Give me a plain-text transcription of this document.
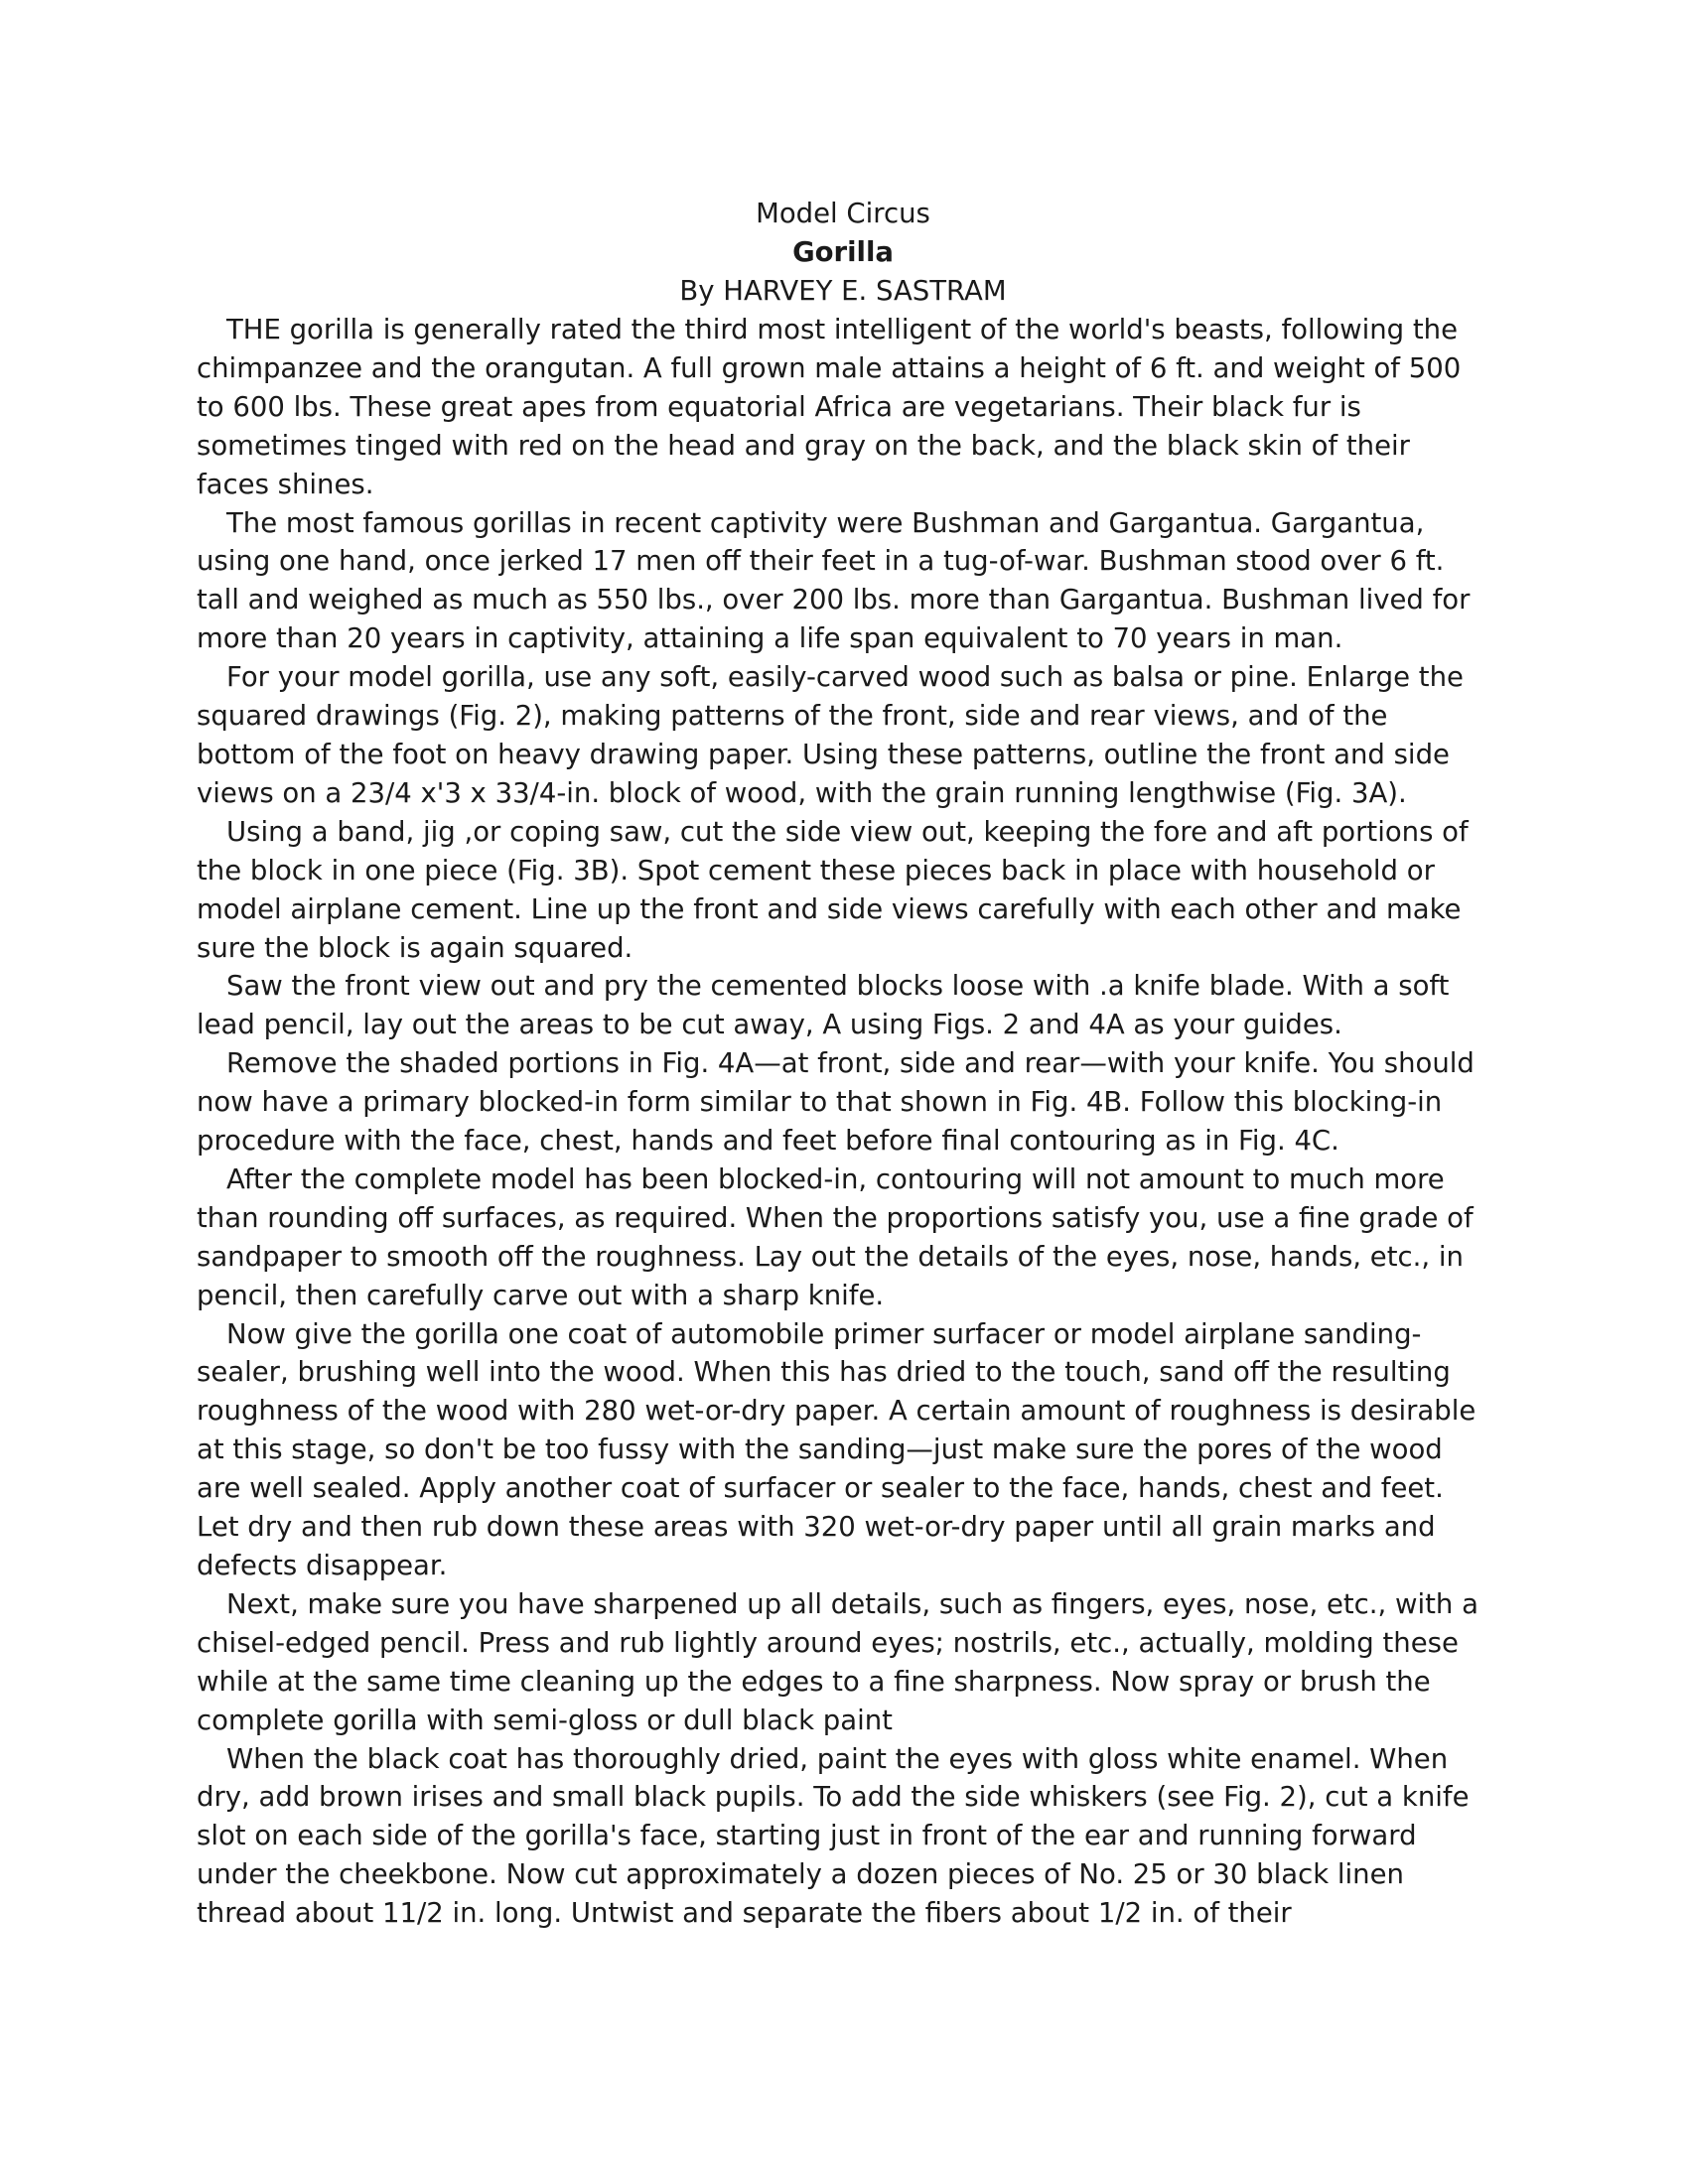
Model Circus

Gorilla

By HARVEY E. SASTRAM

THE gorilla is generally rated the third most intelligent of the world's beasts, following the chimpanzee and the orangutan. A full grown male attains a height of 6 ft. and weight of 500 to 600 lbs. These great apes from equatorial Africa are vegetarians. Their black fur is sometimes tinged with red on the head and gray on the back, and the black skin of their faces shines.

The most famous gorillas in recent captivity were Bushman and Gargantua. Gargantua, using one hand, once jerked 17 men off their feet in a tug-of-war. Bushman stood over 6 ft. tall and weighed as much as 550 lbs., over 200 lbs. more than Gargantua. Bushman lived for more than 20 years in captivity, attaining a life span equivalent to 70 years in man.

For your model gorilla, use any soft, easily-carved wood such as balsa or pine. Enlarge the squared drawings (Fig. 2), making patterns of the front, side and rear views, and of the bottom of the foot on heavy drawing paper. Using these patterns, outline the front and side views on a 23/4 x'3 x 33/4-in. block of wood, with the grain running lengthwise (Fig. 3A).

Using a band, jig ,or coping saw, cut the side view out, keeping the fore and aft portions of the block in one piece (Fig. 3B). Spot cement these pieces back in place with household or model airplane cement. Line up the front and side views carefully with each other and make sure the block is again squared.

Saw the front view out and pry the cemented blocks loose with .a knife blade. With a soft lead pencil, lay out the areas to be cut away, A using Figs. 2 and 4A as your guides.

Remove the shaded portions in Fig. 4A—at front, side and rear—with your knife. You should now have a primary blocked-in form similar to that shown in Fig. 4B. Follow this blocking-in procedure with the face, chest, hands and feet before final contouring as in Fig. 4C.

After the complete model has been blocked-in, contouring will not amount to much more than rounding off surfaces, as required. When the proportions satisfy you, use a fine grade of sandpaper to smooth off the roughness. Lay out the details of the eyes, nose, hands, etc., in pencil, then carefully carve out with a sharp knife.

Now give the gorilla one coat of automobile primer surfacer or model airplane sanding-sealer, brushing well into the wood. When this has dried to the touch, sand off the resulting roughness of the wood with 280 wet-or-dry paper. A certain amount of roughness is desirable at this stage, so don't be too fussy with the sanding—just make sure the pores of the wood are well sealed. Apply another coat of surfacer or sealer to the face, hands, chest and feet. Let dry and then rub down these areas with 320 wet-or-dry paper until all grain marks and defects disappear.

Next, make sure you have sharpened up all details, such as fingers, eyes, nose, etc., with a chisel-edged pencil. Press and rub lightly around eyes; nostrils, etc., actually, molding these while at the same time cleaning up the edges to a fine sharpness. Now spray or brush the complete gorilla with semi-gloss or dull black paint

When the black coat has thoroughly dried, paint the eyes with gloss white enamel. When dry, add brown irises and small black pupils. To add the side whiskers (see Fig. 2), cut a knife slot on each side of the gorilla's face, starting just in front of the ear and running forward under the cheekbone. Now cut approximately a dozen pieces of No. 25 or 30 black linen thread about 11/2 in. long. Untwist and separate the fibers about 1/2 in. of their
